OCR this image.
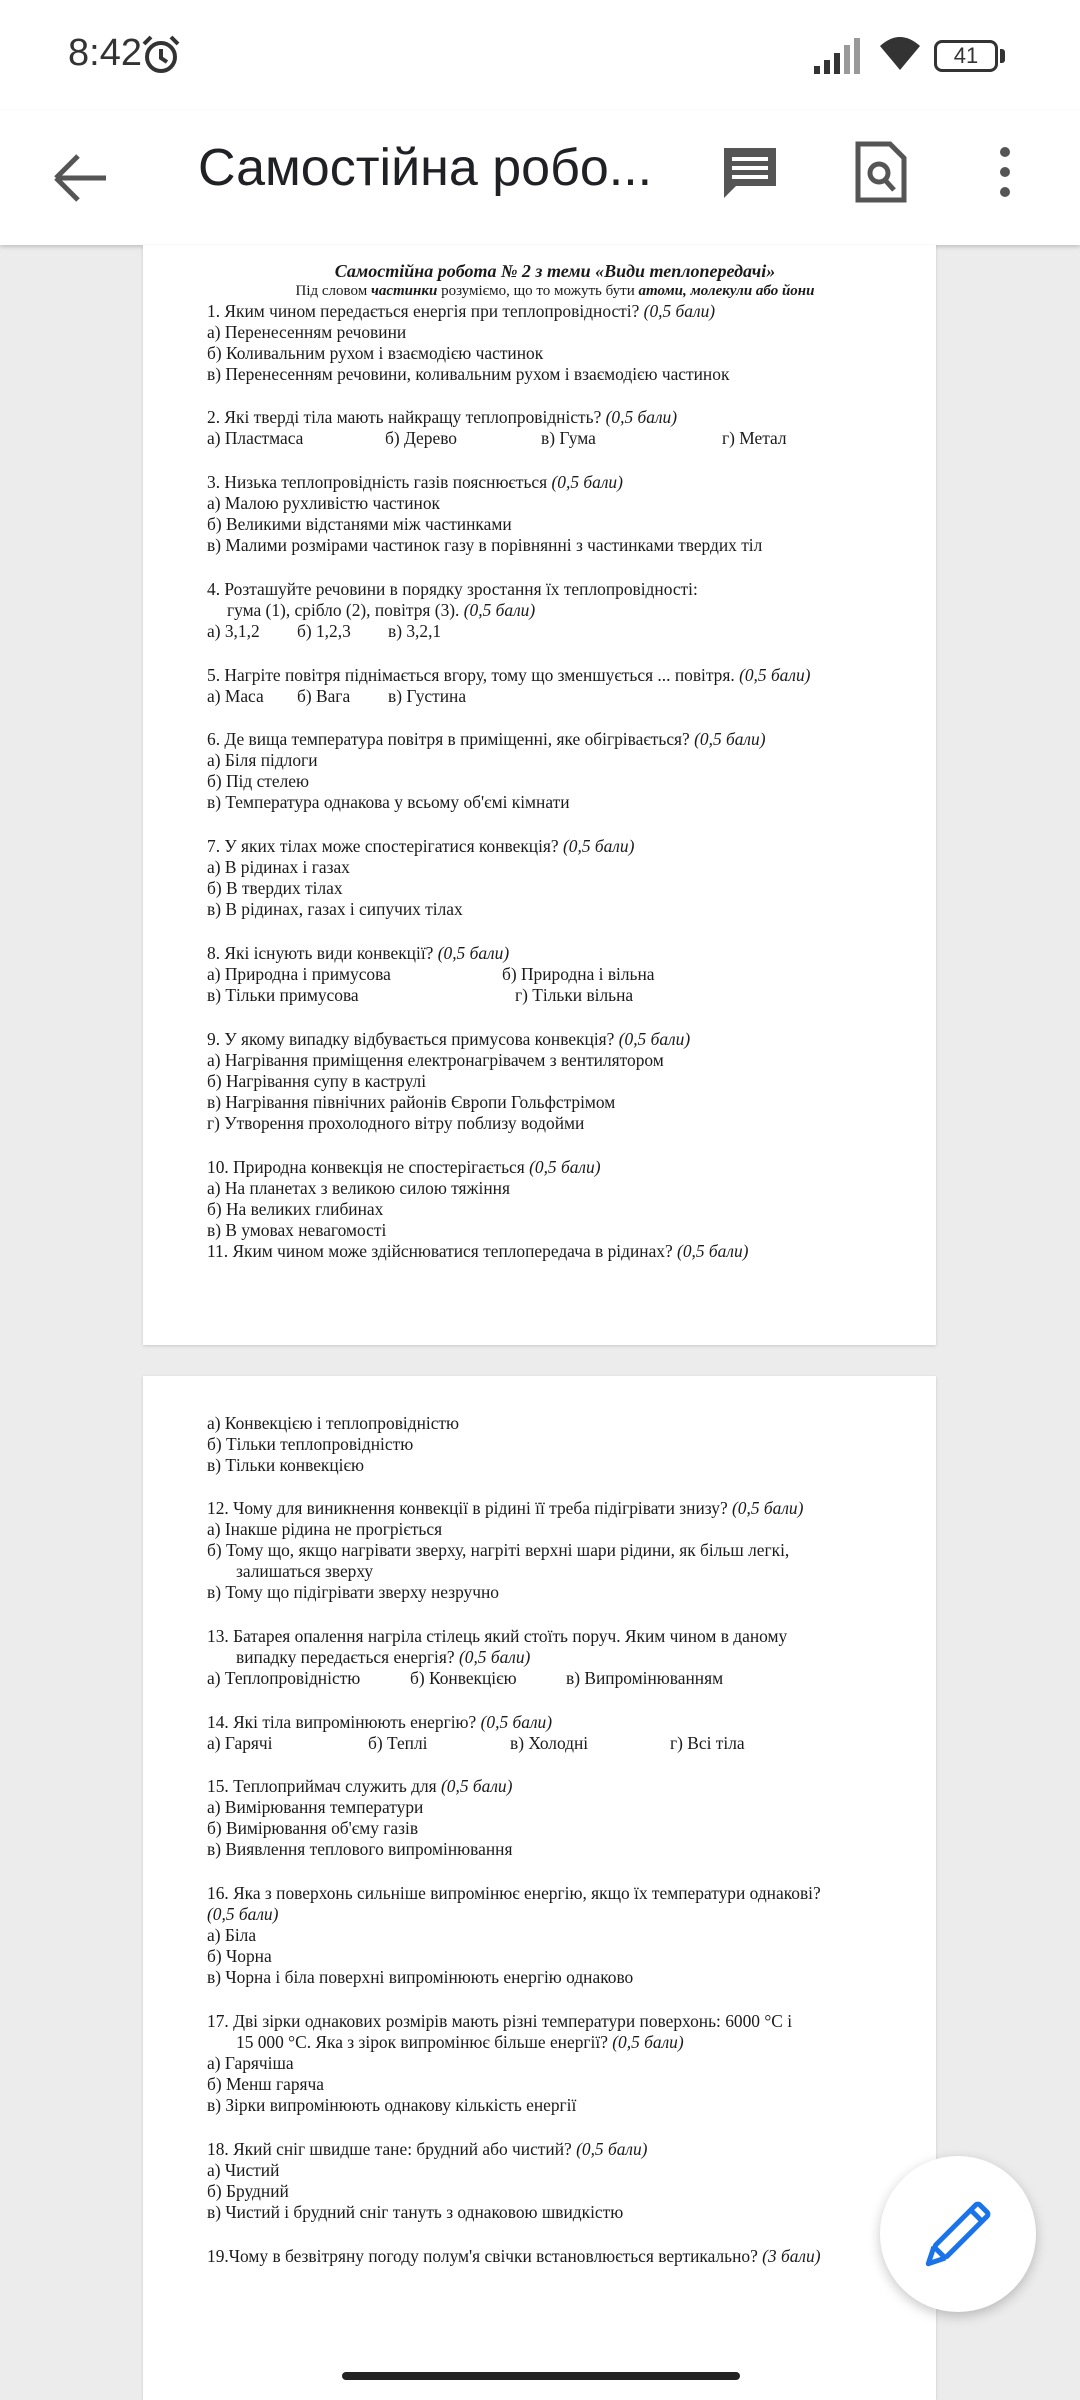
8:42	41
Самостійна робо...
Самостійна робота № 2 з теми «Види теплопередачі»
Під словом частинки розуміємо, що то можуть бути атоми, молекули або йони
1. Яким чином передається енергія при теплопровідності? (0,5 бали)
а) Перенесенням речовини
б) Коливальним рухом і взаємодією частинок
в) Перенесенням речовини, коливальним рухом і взаємодією частинок
2. Які тверді тіла мають найкращу теплопровідність? (0,5 бали)
а) Пластмаса	б) Дерево	в) Гума	г) Метал
3. Низька теплопровідність газів пояснюється (0,5 бали)
а) Малою рухливістю частинок
б) Великими відстанями між частинками
в) Малими розмірами частинок газу в порівнянні з частинками твердих тіл
4. Розташуйте речовини в порядку зростання їх теплопровідності:
гума (1), срібло (2), повітря (3). (0,5 бали)
а) 3,1,2 б) 1,2,3 в) 3,2,1
5. Нагріте повітря піднімається вгору, тому що зменшується ... повітря. (0,5 бали)
а) Маса б) Вага в) Густина
6. Де вища температура повітря в приміщенні, яке обігрівається? (0,5 бали)
а) Біля підлоги
б) Під стелею
в) Температура однакова у всьому об'ємі кімнати
7. У яких тілах може спостерігатися конвекція? (0,5 бали)
а) В рідинах і газах
б) В твердих тілах
в) В рідинах, газах і сипучих тілах
8. Які існують види конвекції? (0,5 бали)
а) Природна і примусова	б) Природна і вільна
в) Тільки примусова	г) Тільки вільна
9. У якому випадку відбувається примусова конвекція? (0,5 бали)
а) Нагрівання приміщення електронагрівачем з вентилятором
б) Нагрівання супу в каструлі
в) Нагрівання північних районів Європи Гольфстрімом
г) Утворення прохолодного вітру поблизу водойми
10. Природна конвекція не спостерігається (0,5 бали)
а) На планетах з великою силою тяжіння
б) На великих глибинах
в) В умовах невагомості
11. Яким чином може здійснюватися теплопередача в рідинах? (0,5 бали)
а) Конвекцією і теплопровідністю
б) Тільки теплопровідністю
в) Тільки конвекцією
12. Чому для виникнення конвекції в рідині її треба підігрівати знизу? (0,5 бали)
а) Інакше рідина не прогріється
б) Тому що, якщо нагрівати зверху, нагріті верхні шари рідини, як більш легкі,
залишаться зверху
в) Тому що підігрівати зверху незручно
13. Батарея опалення нагріла стілець який стоїть поруч. Яким чином в даному
випадку передається енергія? (0,5 бали)
а) Теплопровідністю	б) Конвекцією	в) Випромінюванням
14. Які тіла випромінюють енергію? (0,5 бали)
а) Гарячі	б) Теплі	в) Холодні	г) Всі тіла
15. Теплоприймач служить для (0,5 бали)
а) Вимірювання температури
б) Вимірювання об'єму газів
в) Виявлення теплового випромінювання
16. Яка з поверхонь сильніше випромінює енергію, якщо їх температури однакові?
(0,5 бали)
а) Біла
б) Чорна
в) Чорна і біла поверхні випромінюють енергію однаково
17. Дві зірки однакових розмірів мають різні температури поверхонь: 6000 °С і
15 000 °С. Яка з зірок випромінює більше енергії? (0,5 бали)
а) Гарячіша
б) Менш гаряча
в) Зірки випромінюють однакову кількість енергії
18. Який сніг швидше тане: брудний або чистий? (0,5 бали)
а) Чистий
б) Брудний
в) Чистий і брудний сніг тануть з однаковою швидкістю
19.Чому в безвітряну погоду полум'я свічки встановлюється вертикально? (3 бали)
